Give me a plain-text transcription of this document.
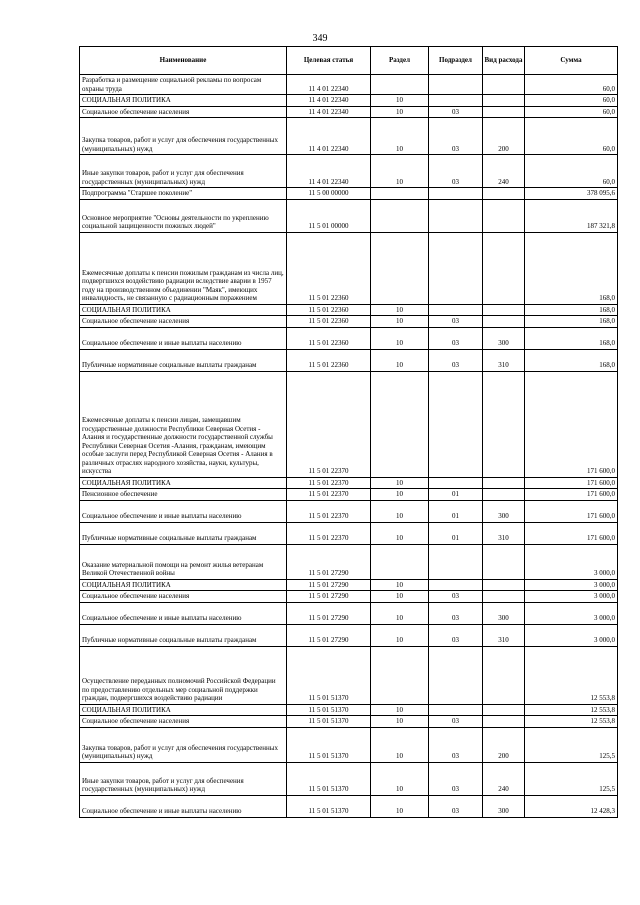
349
Наименование	Целевая статья	Раздел	Подраздел	Вид расхода	Сумма
Разработка и размещение социальной рекламы по вопросам охраны труда	11 4 01 22340				60,0
СОЦИАЛЬНАЯ ПОЛИТИКА	11 4 01 22340	10			60,0
Социальное обеспечение населения	11 4 01 22340	10	03		60,0
Закупка товаров, работ и услуг для обеспечения государственных (муниципальных) нужд	11 4 01 22340	10	03	200	60,0
Иные закупки товаров, работ и услуг для обеспечения государственных (муниципальных) нужд	11 4 01 22340	10	03	240	60,0
Подпрограмма "Старшее поколение"	11 5 00 00000				378 095,6
Основное мероприятие "Основы деятельности по укреплению социальной защищенности пожилых людей"	11 5 01 00000				187 321,8
Ежемесячные доплаты к пенсии пожилым гражданам из числа лиц, подвергшихся воздействию радиации вследствие аварии в 1957 году на производственном объединении "Маяк", имеющих инвалидность, не связанную с радиационным поражением	11 5 01 22360				168,0
СОЦИАЛЬНАЯ ПОЛИТИКА	11 5 01 22360	10			168,0
Социальное обеспечение населения	11 5 01 22360	10	03		168,0
Социальное обеспечение и иные выплаты населению	11 5 01 22360	10	03	300	168,0
Публичные нормативные социальные выплаты гражданам	11 5 01 22360	10	03	310	168,0
Ежемесячные доплаты к пенсии лицам, замещавшим государственные должности Республики Северная Осетия - Алания и государственные должности государственной службы Республики Северная Осетия -Алания, гражданам, имеющим особые заслуги перед Республикой Северная Осетия - Алания в различных отраслях народного хозяйства, науки, культуры, искусства	11 5 01 22370				171 600,0
СОЦИАЛЬНАЯ ПОЛИТИКА	11 5 01 22370	10			171 600,0
Пенсионное обеспечение	11 5 01 22370	10	01		171 600,0
Социальное обеспечение и иные выплаты населению	11 5 01 22370	10	01	300	171 600,0
Публичные нормативные социальные выплаты гражданам	11 5 01 22370	10	01	310	171 600,0
Оказание материальной помощи на ремонт жилья ветеранам Великой Отечественной войны	11 5 01 27290				3 000,0
СОЦИАЛЬНАЯ ПОЛИТИКА	11 5 01 27290	10			3 000,0
Социальное обеспечение населения	11 5 01 27290	10	03		3 000,0
Социальное обеспечение и иные выплаты населению	11 5 01 27290	10	03	300	3 000,0
Публичные нормативные социальные выплаты гражданам	11 5 01 27290	10	03	310	3 000,0
Осуществление переданных полномочий Российской Федерации по предоставлению отдельных мер социальной поддержки граждан, подвергшихся воздействию радиации	11 5 01 51370				12 553,8
СОЦИАЛЬНАЯ ПОЛИТИКА	11 5 01 51370	10			12 553,8
Социальное обеспечение населения	11 5 01 51370	10	03		12 553,8
Закупка товаров, работ и услуг для обеспечения государственных (муниципальных) нужд	11 5 01 51370	10	03	200	125,5
Иные закупки товаров, работ и услуг для обеспечения государственных (муниципальных) нужд	11 5 01 51370	10	03	240	125,5
Социальное обеспечение и иные выплаты населению	11 5 01 51370	10	03	300	12 428,3
